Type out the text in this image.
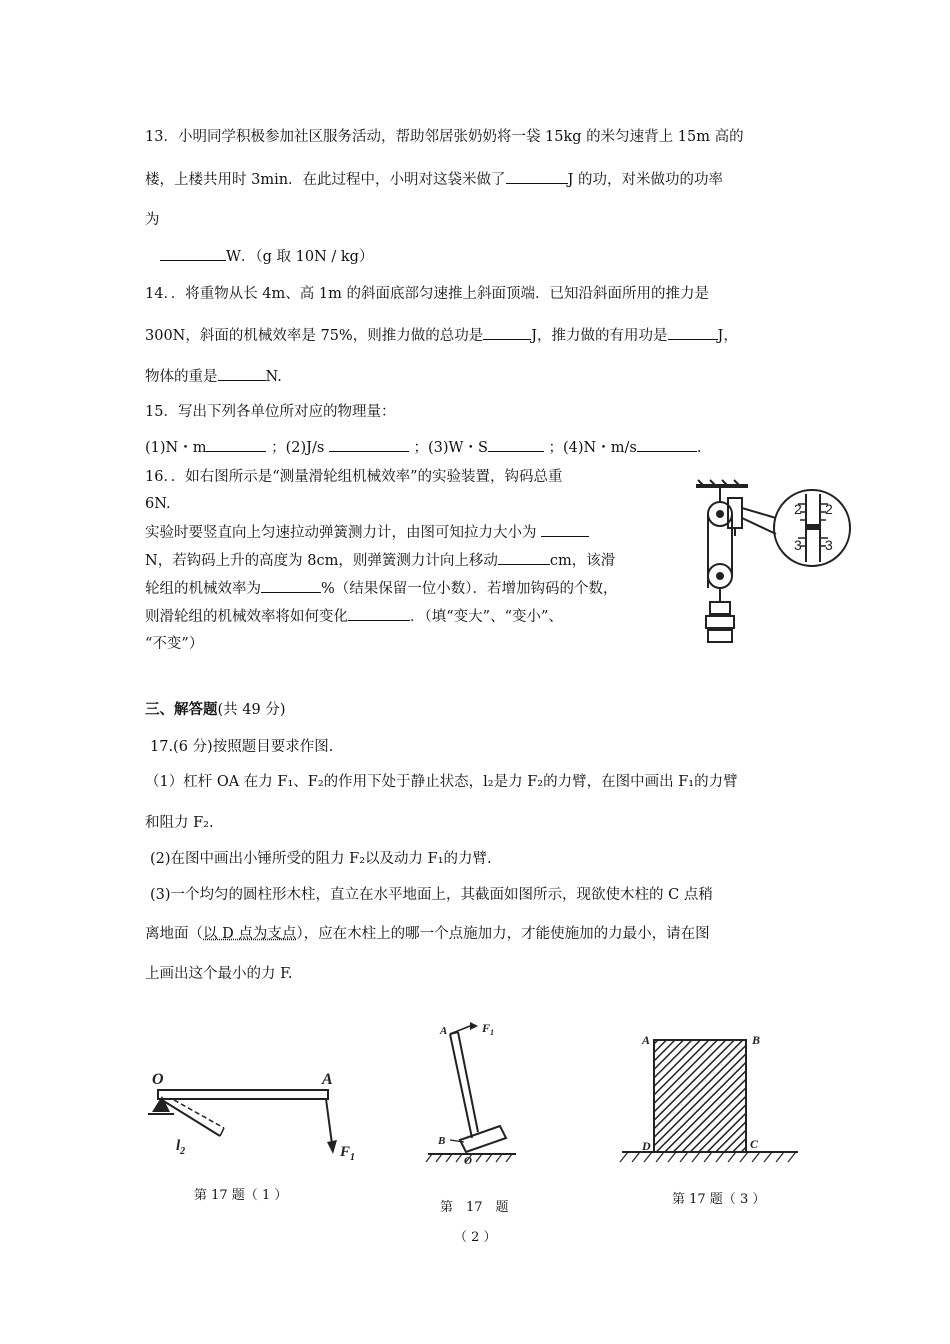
13．小明同学积极参加社区服务活动，帮助邻居张奶奶将一袋 15kg 的米匀速背上 15m 高的
楼，上楼共用时 3min．在此过程中，小明对这袋米做了	J 的功，对米做功的功率
为
W．（g 取 10N / kg）
14．．将重物从长 4m、高 1m 的斜面底部匀速推上斜面顶端．已知沿斜面所用的推力是
300N，斜面的机械效率是 75%，则推力做的总功是	J，推力做的有用功是	J，
物体的重是	N.
15．写出下列各单位所对应的物理量：
(1)N・m	；(2)J/s	；(3)W・S	；(4)N・m/s	.
16．．如右图所示是“测量滑轮组机械效率”的实验装置，钩码总重
6N.
实验时要竖直向上匀速拉动弹簧测力计，由图可知拉力大小为
N，若钩码上升的高度为 8cm，则弹簧测力计向上移动	cm，该滑
轮组的机械效率为	%（结果保留一位小数）．若增加钩码的个数，
则滑轮组的机械效率将如何变化	．（填“变大”、“变小”、
“不变”）
2 2
3 3
三、解答题(共 49 分)
17.(6 分)按照题目要求作图.
（1）杠杆 OA 在力 F₁、F₂的作用下处于静止状态，l₂是力 F₂的力臂，在图中画出 F₁的力臂
和阻力 F₂.
(2)在图中画出小锤所受的阻力 F₂以及动力 F₁的力臂.
(3)一个均匀的圆柱形木柱，直立在水平地面上，其截面如图所示，现欲使木柱的 C 点稍
离地面（以 D 点为支点），应在木柱上的哪一个点施加力，才能使施加的力最小，请在图
上画出这个最小的力 F.
O	A
$F_1$
$l_2$
第 17 题（ 1 ）
A	$F_1$
B
O
第　17　题
（ 2 ）
A	B
D	C
第 17 题（ 3 ）
